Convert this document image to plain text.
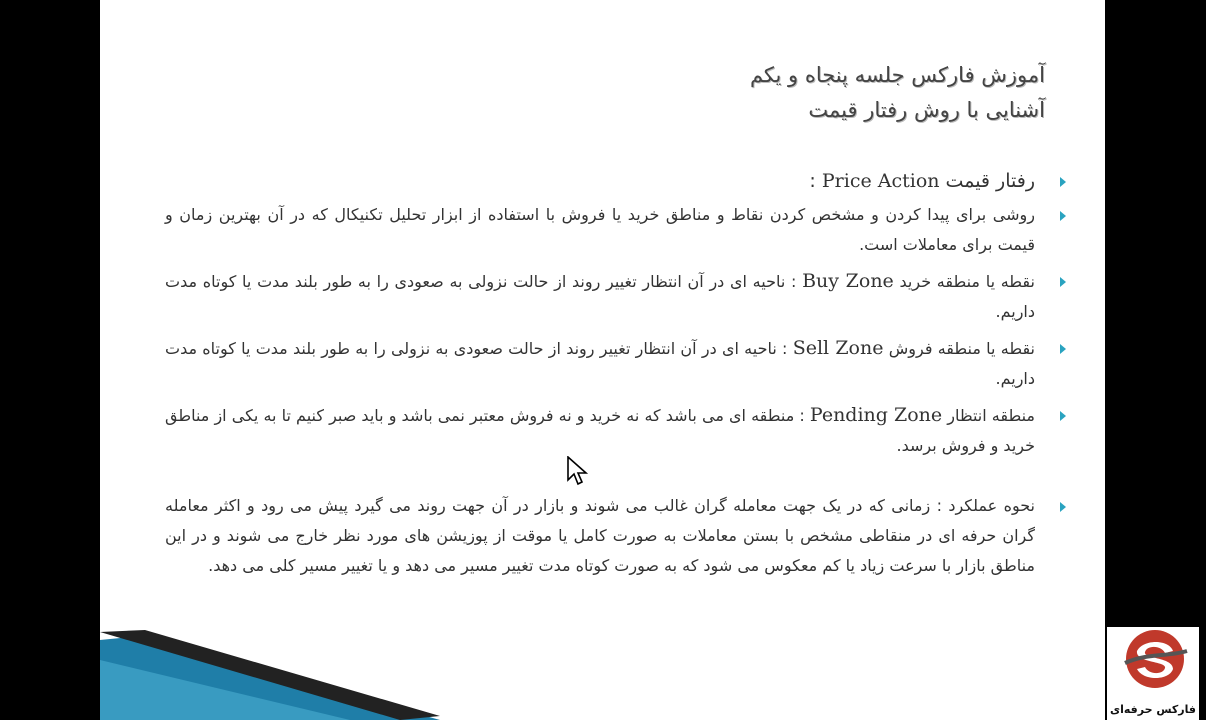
آموزش فارکس جلسه پنجاه و یکم
آشنایی با روش رفتار قیمت
رفتار قیمت Price Action :
روشی برای پیدا کردن و مشخص کردن نقاط و مناطق خرید یا فروش با استفاده از ابزار تحلیل تکنیکال که در آن بهترین زمان و قیمت برای معاملات است.
نقطه یا منطقه خرید Buy Zone : ناحیه ای در آن انتظار تغییر روند از حالت نزولی به صعودی را به طور بلند مدت یا کوتاه مدت داریم.
نقطه یا منطقه فروش Sell Zone : ناحیه ای در آن انتظار تغییر روند از حالت صعودی به نزولی را به طور بلند مدت یا کوتاه مدت داریم.
منطقه انتظار Pending Zone : منطقه ای می باشد که نه خرید و نه فروش معتبر نمی باشد و باید صبر کنیم تا به یکی از مناطق خرید و فروش برسد.
نحوه عملکرد : زمانی که در یک جهت معامله گران غالب می شوند و بازار در آن جهت روند می گیرد پیش می رود و اکثر معامله گران حرفه ای در منقاطی مشخص با بستن معاملات به صورت کامل یا موقت از پوزیشن های مورد نظر خارج می شوند و در این مناطق بازار با سرعت زیاد یا کم معکوس می شود که به صورت کوتاه مدت تغییر مسیر می دهد و یا تغییر مسیر کلی می دهد.
فارکس حرفه‌ای
